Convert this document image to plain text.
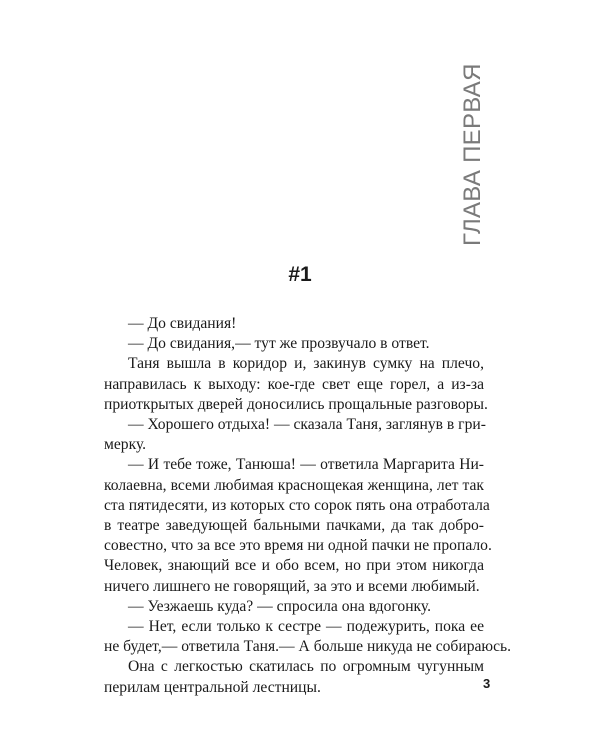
ГЛАВА ПЕРВАЯ
#1

— До свидания!

— До свидания,— тут же прозвучало в ответ.

Таня вышла в коридор и, закинув сумку на плечо,

направилась к выходу: кое-где свет еще горел, а из-за

приоткрытых дверей доносились прощальные разговоры.

— Хорошего отдыха! — сказала Таня, заглянув в гри-

мерку.

— И тебе тоже, Танюша! — ответила Маргарита Ни-

колаевна, всеми любимая краснощекая женщина, лет так

ста пятидесяти, из которых сто сорок пять она отработала

в театре заведующей бальными пачками, да так добро-

совестно, что за все это время ни одной пачки не пропало.

Человек, знающий все и обо всем, но при этом никогда

ничего лишнего не говорящий, за это и всеми любимый.

— Уезжаешь куда? — спросила она вдогонку.

— Нет, если только к сестре — подежурить, пока ее

не будет,— ответила Таня.— А больше никуда не собираюсь.

Она с легкостью скатилась по огромным чугунным

перилам центральной лестницы.	3
